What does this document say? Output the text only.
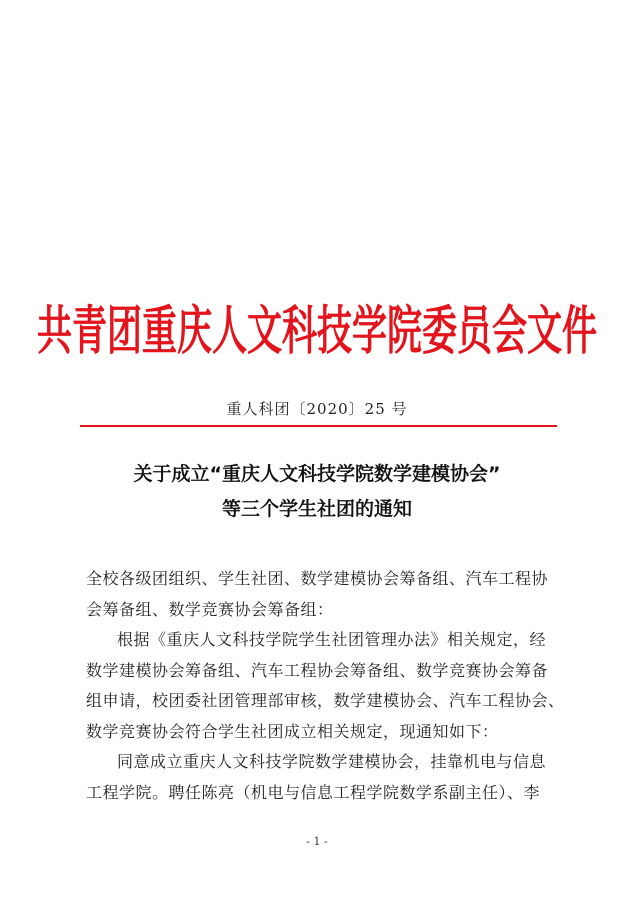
共青团重庆人文科技学院委员会文件
重人科团〔2020〕25 号
关于成立“重庆人文科技学院数学建模协会”
等三个学生社团的通知
全校各级团组织、学生社团、数学建模协会筹备组、汽车工程协
会筹备组、数学竞赛协会筹备组：
根据《重庆人文科技学院学生社团管理办法》相关规定，经
数学建模协会筹备组、汽车工程协会筹备组、数学竞赛协会筹备
组申请，校团委社团管理部审核，数学建模协会、汽车工程协会、
数学竞赛协会符合学生社团成立相关规定，现通知如下：
同意成立重庆人文科技学院数学建模协会，挂靠机电与信息
工程学院。聘任陈亮（机电与信息工程学院数学系副主任）、李
- 1 -
